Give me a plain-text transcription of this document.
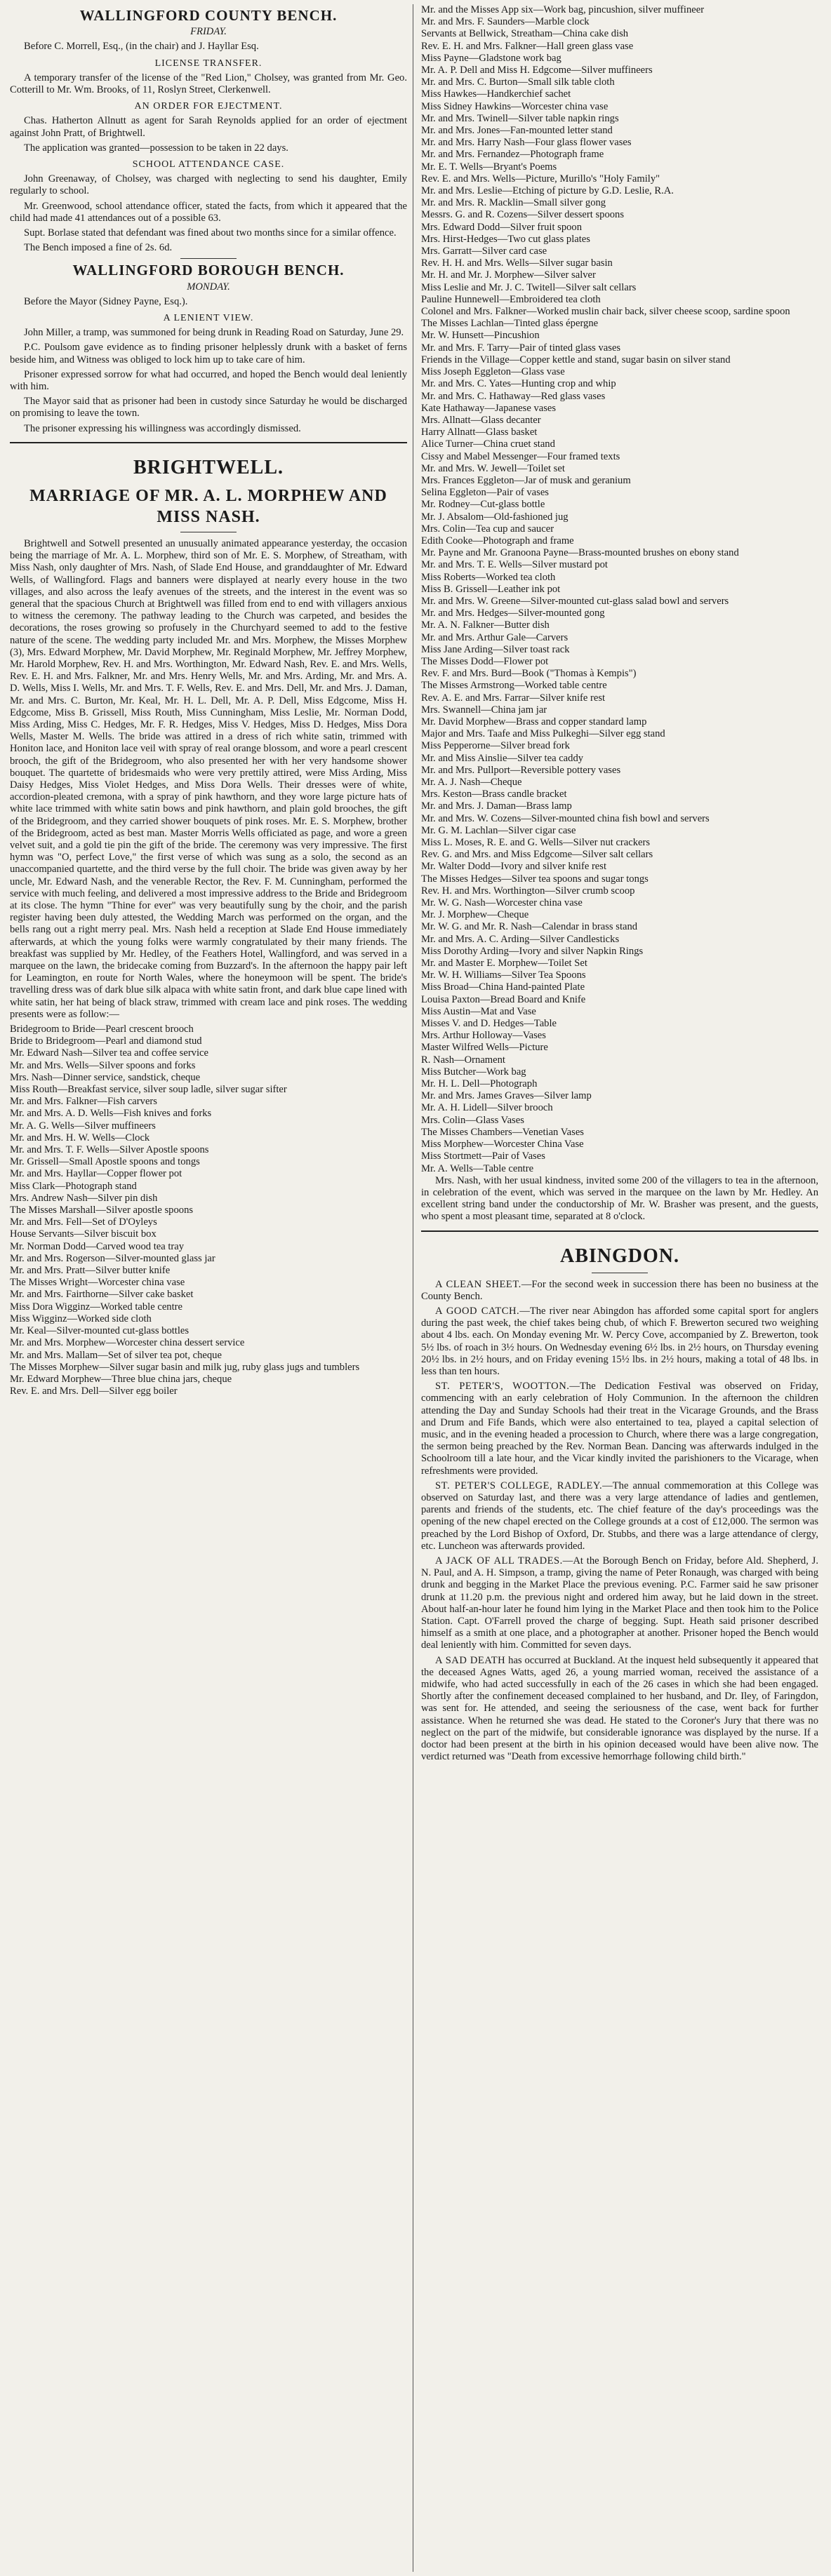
WALLINGFORD COUNTY BENCH.
FRIDAY.

Before C. Morrell, Esq., (in the chair) and J. Hayllar Esq.

LICENSE TRANSFER.

A temporary transfer of the license of the "Red Lion," Cholsey, was granted from Mr. Geo. Cotterill to Mr. Wm. Brooks, of 11, Roslyn Street, Clerkenwell.

AN ORDER FOR EJECTMENT.

Chas. Hatherton Allnutt as agent for Sarah Reynolds applied for an order of ejectment against John Pratt, of Brightwell.

The application was granted—possession to be taken in 22 days.

SCHOOL ATTENDANCE CASE.

John Greenaway, of Cholsey, was charged with neglecting to send his daughter, Emily regularly to school.

Mr. Greenwood, school attendance officer, stated the facts, from which it appeared that the child had made 41 attendances out of a possible 63.

Supt. Borlase stated that defendant was fined about two months since for a similar offence.

The Bench imposed a fine of 2s. 6d.

WALLINGFORD BOROUGH BENCH.
MONDAY.

Before the Mayor (Sidney Payne, Esq.).

A LENIENT VIEW.

John Miller, a tramp, was summoned for being drunk in Reading Road on Saturday, June 29.

P.C. Poulsom gave evidence as to finding prisoner helplessly drunk with a basket of ferns beside him, and Witness was obliged to lock him up to take care of him.

Prisoner expressed sorrow for what had occurred, and hoped the Bench would deal leniently with him.

The Mayor said that as prisoner had been in custody since Saturday he would be discharged on promising to leave the town.

The prisoner expressing his willingness was accordingly dismissed.

BRIGHTWELL.
MARRIAGE OF MR. A. L. MORPHEW AND MISS NASH.

Brightwell and Sotwell presented an unusually animated appearance yesterday, the occasion being the marriage of Mr. A. L. Morphew, third son of Mr. E. S. Morphew, of Streatham, with Miss Nash, only daughter of Mrs. Nash, of Slade End House, and granddaughter of Mr. Edward Wells, of Wallingford. Flags and banners were displayed at nearly every house in the two villages, and also across the leafy avenues of the streets, and the interest in the event was so general that the spacious Church at Brightwell was filled from end to end with villagers anxious to witness the ceremony. The pathway leading to the Church was carpeted, and besides the decorations, the roses growing so profusely in the Churchyard seemed to add to the festive nature of the scene. The wedding party included Mr. and Mrs. Morphew, the Misses Morphew (3), Mrs. Edward Morphew, Mr. David Morphew, Mr. Reginald Morphew, Mr. Jeffrey Morphew, Mr. Harold Morphew, Rev. H. and Mrs. Worthington, Mr. Edward Nash, Rev. E. and Mrs. Wells, Rev. E. H. and Mrs. Falkner, Mr. and Mrs. Henry Wells, Mr. and Mrs. Arding, Mr. and Mrs. A. D. Wells, Miss I. Wells, Mr. and Mrs. T. F. Wells, Rev. E. and Mrs. Dell, Mr. and Mrs. J. Daman, Mr. and Mrs. C. Burton, Mr. Keal, Mr. H. L. Dell, Mr. A. P. Dell, Miss Edgcome, Miss H. Edgcome, Miss B. Grissell, Miss Routh, Miss Cunningham, Miss Leslie, Mr. Norman Dodd, Miss Arding, Miss C. Hedges, Mr. F. R. Hedges, Miss V. Hedges, Miss D. Hedges, Miss Dora Wells, Master M. Wells. The bride was attired in a dress of rich white satin, trimmed with Honiton lace, and Honiton lace veil with spray of real orange blossom, and wore a pearl crescent brooch, the gift of the Bridegroom, who also presented her with her very handsome shower bouquet. The quartette of bridesmaids who were very prettily attired, were Miss Arding, Miss Daisy Hedges, Miss Violet Hedges, and Miss Dora Wells. Their dresses were of white, accordion-pleated cremona, with a spray of pink hawthorn, and they wore large picture hats of white lace trimmed with white satin bows and pink hawthorn, and plain gold brooches, the gift of the Bridegroom, and they carried shower bouquets of pink roses. Mr. E. S. Morphew, brother of the Bridegroom, acted as best man. Master Morris Wells officiated as page, and wore a green velvet suit, and a gold tie pin the gift of the bride. The ceremony was very impressive. The first hymn was "O, perfect Love," the first verse of which was sung as a solo, the second as an unaccompanied quartette, and the third verse by the full choir. The bride was given away by her uncle, Mr. Edward Nash, and the venerable Rector, the Rev. F. M. Cunningham, performed the service with much feeling, and delivered a most impressive address to the Bride and Bridegroom at its close. The hymn "Thine for ever" was very beautifully sung by the choir, and the parish register having been duly attested, the Wedding March was performed on the organ, and the bells rang out a right merry peal. Mrs. Nash held a reception at Slade End House immediately afterwards, at which the young folks were warmly congratulated by their many friends. The breakfast was supplied by Mr. Hedley, of the Feathers Hotel, Wallingford, and was served in a marquee on the lawn, the bridecake coming from Buzzard's. In the afternoon the happy pair left for Leamington, en route for North Wales, where the honeymoon will be spent. The bride's travelling dress was of dark blue silk alpaca with white satin front, and dark blue cape lined with white satin, her hat being of black straw, trimmed with cream lace and pink roses. The wedding presents were as follow:—

Bridegroom to Bride—Pearl crescent brooch
Bride to Bridegroom—Pearl and diamond stud
Mr. Edward Nash—Silver tea and coffee service
Mr. and Mrs. Wells—Silver spoons and forks
Mrs. Nash—Dinner service, sandstick, cheque
Miss Routh—Breakfast service, silver soup ladle, silver sugar sifter
Mr. and Mrs. Falkner—Fish carvers
Mr. and Mrs. A. D. Wells—Fish knives and forks
Mr. A. G. Wells—Silver muffineers
Mr. and Mrs. H. W. Wells—Clock
Mr. and Mrs. T. F. Wells—Silver Apostle spoons
Mr. Grissell—Small Apostle spoons and tongs
Mr. and Mrs. Hayllar—Copper flower pot
Miss Clark—Photograph stand
Mrs. Andrew Nash—Silver pin dish
The Misses Marshall—Silver apostle spoons
Mr. and Mrs. Fell—Set of D'Oyleys
House Servants—Silver biscuit box
Mr. Norman Dodd—Carved wood tea tray
Mr. and Mrs. Rogerson—Silver-mounted glass jar
Mr. and Mrs. Pratt—Silver butter knife
The Misses Wright—Worcester china vase
Mr. and Mrs. Fairthorne—Silver cake basket
Miss Dora Wigginz—Worked table centre
Miss Wigginz—Worked side cloth
Mr. Keal—Silver-mounted cut-glass bottles
Mr. and Mrs. Morphew—Worcester china dessert service
Mr. and Mrs. Mallam—Set of silver tea pot, cheque
The Misses Morphew—Silver sugar basin and milk jug, ruby glass jugs and tumblers
Mr. Edward Morphew—Three blue china jars, cheque
Rev. E. and Mrs. Dell—Silver egg boiler
Mr. and the Misses App six—Work bag, pincushion, silver muffineer
Mr. and Mrs. F. Saunders—Marble clock
Servants at Bellwick, Streatham—China cake dish
Rev. E. H. and Mrs. Falkner—Hall green glass vase
Miss Payne—Gladstone work bag
Mr. A. P. Dell and Miss H. Edgcome—Silver muffineers
Mr. and Mrs. C. Burton—Small silk table cloth
Miss Hawkes—Handkerchief sachet
Miss Sidney Hawkins—Worcester china vase
Mr. and Mrs. Twinell—Silver table napkin rings
Mr. and Mrs. Jones—Fan-mounted letter stand
Mr. and Mrs. Harry Nash—Four glass flower vases
Mr. and Mrs. Fernandez—Photograph frame
Mr. E. T. Wells—Bryant's Poems
Rev. E. and Mrs. Wells—Picture, Murillo's "Holy Family"
Mr. and Mrs. Leslie—Etching of picture by G.D. Leslie, R.A.
Mr. and Mrs. R. Macklin—Small silver gong
Messrs. G. and R. Cozens—Silver dessert spoons
Mrs. Edward Dodd—Silver fruit spoon
Mrs. Hirst-Hedges—Two cut glass plates
Mrs. Garratt—Silver card case
Rev. H. H. and Mrs. Wells—Silver sugar basin
Mr. H. and Mr. J. Morphew—Silver salver
Miss Leslie and Mr. J. C. Twitell—Silver salt cellars
Pauline Hunnewell—Embroidered tea cloth
Colonel and Mrs. Falkner—Worked muslin chair back, silver cheese scoop, sardine spoon
The Misses Lachlan—Tinted glass épergne
Mr. W. Hunsett—Pincushion
Mr. and Mrs. F. Tarry—Pair of tinted glass vases
Friends in the Village—Copper kettle and stand, sugar basin on silver stand
Miss Joseph Eggleton—Glass vase
Mr. and Mrs. C. Yates—Hunting crop and whip
Mr. and Mrs. C. Hathaway—Red glass vases
Kate Hathaway—Japanese vases
Mrs. Allnatt—Glass decanter
Harry Allnatt—Glass basket
Alice Turner—China cruet stand
Cissy and Mabel Messenger—Four framed texts
Mr. and Mrs. W. Jewell—Toilet set
Mrs. Frances Eggleton—Jar of musk and geranium
Selina Eggleton—Pair of vases
Mr. Rodney—Cut-glass bottle
Mr. J. Absalom—Old-fashioned jug
Mrs. Colin—Tea cup and saucer
Edith Cooke—Photograph and frame
Mr. Payne and Mr. Granoona Payne—Brass-mounted brushes on ebony stand
Mr. and Mrs. T. E. Wells—Silver mustard pot
Miss Roberts—Worked tea cloth
Miss B. Grissell—Leather ink pot
Mr. and Mrs. W. Greene—Silver-mounted cut-glass salad bowl and servers
Mr. and Mrs. Hedges—Silver-mounted gong
Mr. A. N. Falkner—Butter dish
Mr. and Mrs. Arthur Gale—Carvers
Miss Jane Arding—Silver toast rack
The Misses Dodd—Flower pot
Rev. F. and Mrs. Burd—Book ("Thomas à Kempis")
The Misses Armstrong—Worked table centre
Rev. A. E. and Mrs. Farrar—Silver knife rest
Mrs. Swannell—China jam jar
Mr. David Morphew—Brass and copper standard lamp
Major and Mrs. Taafe and Miss Pulkeghi—Silver egg stand
Miss Pepperorne—Silver bread fork
Mr. and Miss Ainslie—Silver tea caddy
Mr. and Mrs. Pullport—Reversible pottery vases
Mr. A. J. Nash—Cheque
Mrs. Keston—Brass candle bracket
Mr. and Mrs. J. Daman—Brass lamp
Mr. and Mrs. W. Cozens—Silver-mounted china fish bowl and servers
Mr. G. M. Lachlan—Silver cigar case
Miss L. Moses, R. E. and G. Wells—Silver nut crackers
Rev. G. and Mrs. and Miss Edgcome—Silver salt cellars
Mr. Walter Dodd—Ivory and silver knife rest
The Misses Hedges—Silver tea spoons and sugar tongs
Rev. H. and Mrs. Worthington—Silver crumb scoop
Mr. W. G. Nash—Worcester china vase
Mr. J. Morphew—Cheque
Mr. W. G. and Mr. R. Nash—Calendar in brass stand
Mr. and Mrs. A. C. Arding—Silver Candlesticks
Miss Dorothy Arding—Ivory and silver Napkin Rings
Mr. and Master E. Morphew—Toilet Set
Mr. W. H. Williams—Silver Tea Spoons
Miss Broad—China Hand-painted Plate
Louisa Paxton—Bread Board and Knife
Miss Austin—Mat and Vase
Misses V. and D. Hedges—Table
Mrs. Arthur Holloway—Vases
Master Wilfred Wells—Picture
R. Nash—Ornament
Miss Butcher—Work bag
Mr. H. L. Dell—Photograph
Mr. and Mrs. James Graves—Silver lamp
Mr. A. H. Lidell—Silver brooch
Mrs. Colin—Glass Vases
The Misses Chambers—Venetian Vases
Miss Morphew—Worcester China Vase
Miss Stortmett—Pair of Vases
Mr. A. Wells—Table centre

Mrs. Nash, with her usual kindness, invited some 200 of the villagers to tea in the afternoon, in celebration of the event, which was served in the marquee on the lawn by Mr. Hedley. An excellent string band under the conductorship of Mr. W. Brasher was present, and the guests, who spent a most pleasant time, separated at 8 o'clock.

ABINGDON.

A CLEAN SHEET.—For the second week in succession there has been no business at the County Bench.

A GOOD CATCH.—The river near Abingdon has afforded some capital sport for anglers during the past week, the chief takes being chub, of which F. Brewerton secured two weighing about 4 lbs. each. On Monday evening Mr. W. Percy Cove, accompanied by Z. Brewerton, took 5½ lbs. of roach in 3½ hours. On Wednesday evening 6½ lbs. in 2½ hours, on Thursday evening 20½ lbs. in 2½ hours, and on Friday evening 15½ lbs. in 2½ hours, making a total of 48 lbs. in less than ten hours.

ST. PETER'S, WOOTTON.—The Dedication Festival was observed on Friday, commencing with an early celebration of Holy Communion. In the afternoon the children attending the Day and Sunday Schools had their treat in the Vicarage Grounds, and the Brass and Drum and Fife Bands, which were also entertained to tea, played a capital selection of music, and in the evening headed a procession to Church, where there was a large congregation, the sermon being preached by the Rev. Norman Bean. Dancing was afterwards indulged in the Schoolroom till a late hour, and the Vicar kindly invited the parishioners to the Vicarage, when refreshments were provided.

ST. PETER'S COLLEGE, RADLEY.—The annual commemoration at this College was observed on Saturday last, and there was a very large attendance of ladies and gentlemen, parents and friends of the students, etc. The chief feature of the day's proceedings was the opening of the new chapel erected on the College grounds at a cost of £12,000. The sermon was preached by the Lord Bishop of Oxford, Dr. Stubbs, and there was a large attendance of clergy, etc. Luncheon was afterwards provided.

A JACK OF ALL TRADES.—At the Borough Bench on Friday, before Ald. Shepherd, J. N. Paul, and A. H. Simpson, a tramp, giving the name of Peter Ronaugh, was charged with being drunk and begging in the Market Place the previous evening. P.C. Farmer said he saw prisoner drunk at 11.20 p.m. the previous night and ordered him away, but he laid down in the street. About half-an-hour later he found him lying in the Market Place and then took him to the Police Station. Capt. O'Farrell proved the charge of begging. Supt. Heath said prisoner described himself as a smith at one place, and a photographer at another. Prisoner hoped the Bench would deal leniently with him. Committed for seven days.

A SAD DEATH has occurred at Buckland. At the inquest held subsequently it appeared that the deceased Agnes Watts, aged 26, a young married woman, received the assistance of a midwife, who had acted successfully in each of the 26 cases in which she had been engaged. Shortly after the confinement deceased complained to her husband, and Dr. Iley, of Faringdon, was sent for. He attended, and seeing the seriousness of the case, went back for further assistance. When he returned she was dead. He stated to the Coroner's Jury that there was no neglect on the part of the midwife, but considerable ignorance was displayed by the nurse. If a doctor had been present at the birth in his opinion deceased would have been alive now. The verdict returned was "Death from excessive hemorrhage following child birth."
